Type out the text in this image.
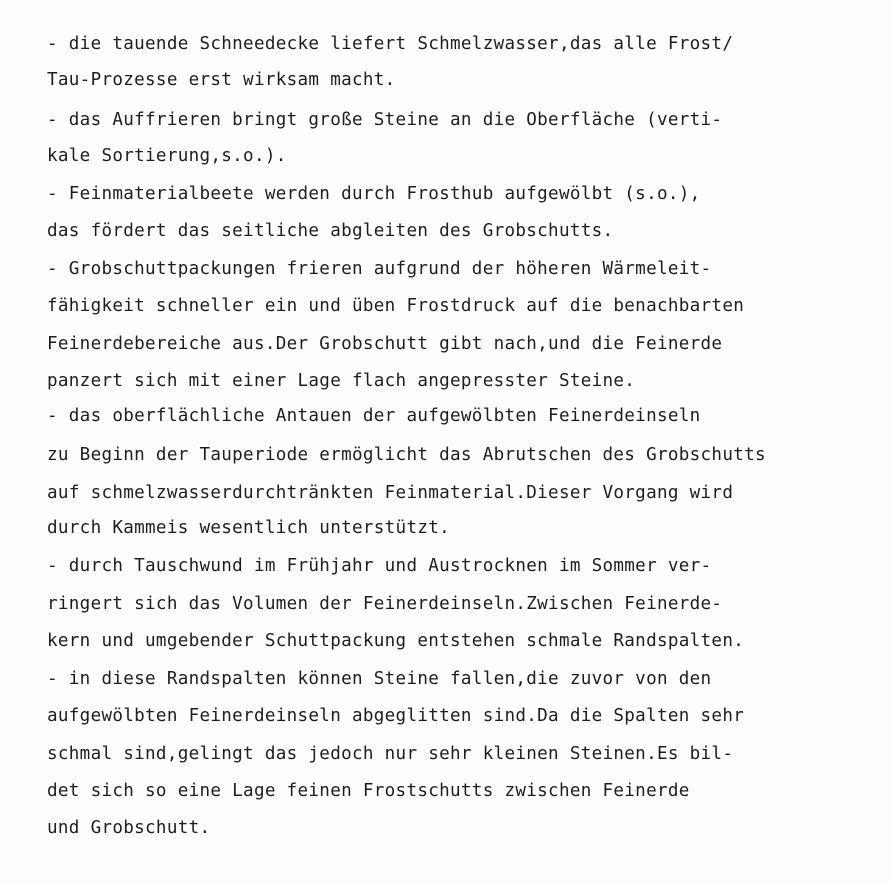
- die tauende Schneedecke liefert Schmelzwasser,das alle Frost/
Tau-Prozesse erst wirksam macht.
- das Auffrieren bringt große Steine an die Oberfläche (verti-
kale Sortierung,s.o.).
- Feinmaterialbeete werden durch Frosthub aufgewölbt (s.o.),
das fördert das seitliche abgleiten des Grobschutts.
- Grobschuttpackungen frieren aufgrund der höheren Wärmeleit-
fähigkeit schneller ein und üben Frostdruck auf die benachbarten
Feinerdebereiche aus.Der Grobschutt gibt nach,und die Feinerde
panzert sich mit einer Lage flach angepresster Steine.
- das oberflächliche Antauen der aufgewölbten Feinerdeinseln
zu Beginn der Tauperiode ermöglicht das Abrutschen des Grobschutts
auf schmelzwasserdurchtränkten Feinmaterial.Dieser Vorgang wird
durch Kammeis wesentlich unterstützt.
- durch Tauschwund im Frühjahr und Austrocknen im Sommer ver-
ringert sich das Volumen der Feinerdeinseln.Zwischen Feinerde-
kern und umgebender Schuttpackung entstehen schmale Randspalten.
- in diese Randspalten können Steine fallen,die zuvor von den
aufgewölbten Feinerdeinseln abgeglitten sind.Da die Spalten sehr
schmal sind,gelingt das jedoch nur sehr kleinen Steinen.Es bil-
det sich so eine Lage feinen Frostschutts zwischen Feinerde
und Grobschutt.
